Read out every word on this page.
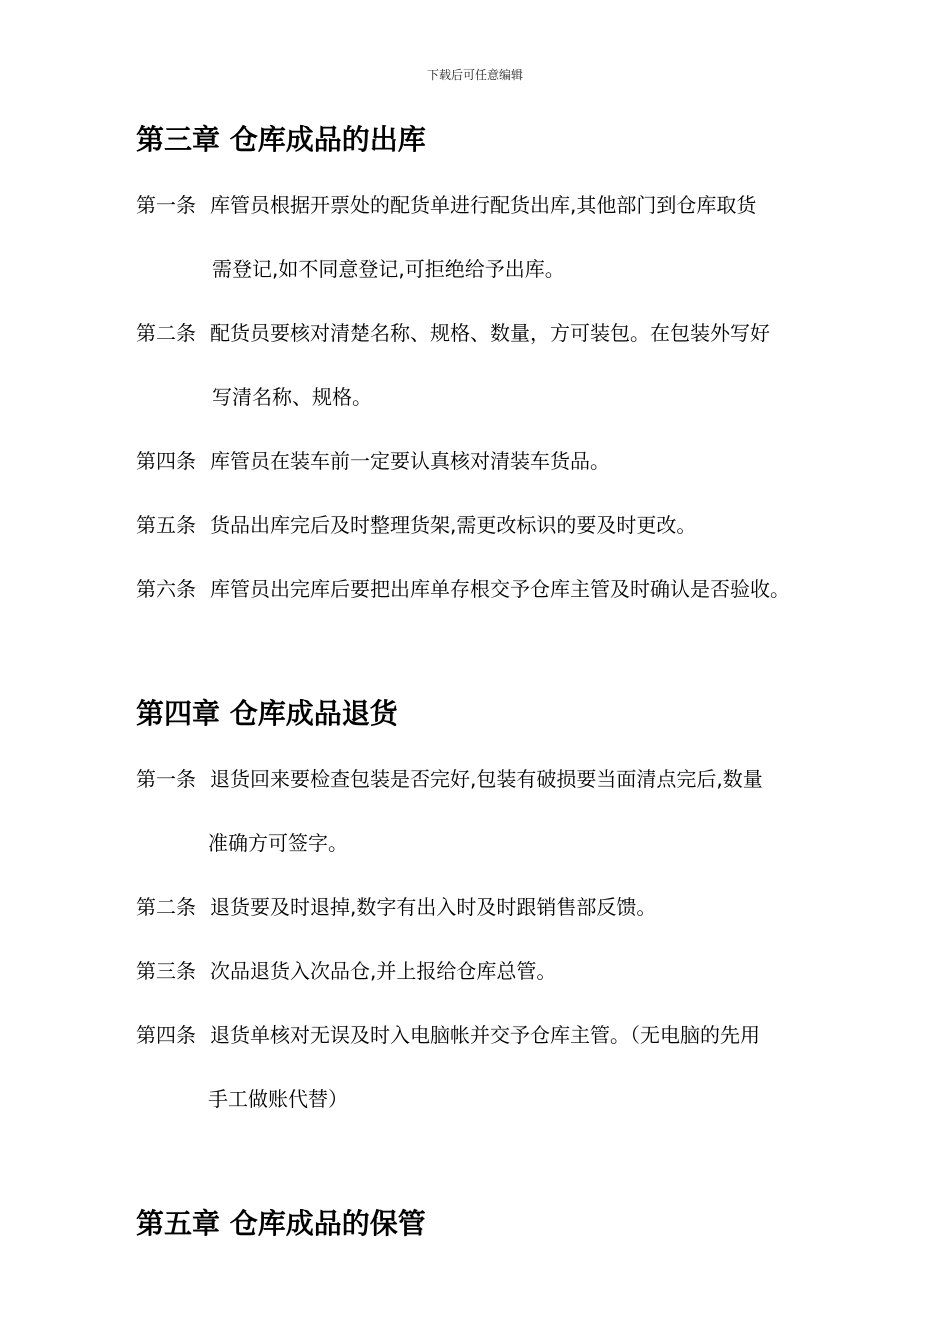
下载后可任意编辑
第三章 仓库成品的出库
第一条 库管员根据开票处的配货单进行配货出库,其他部门到仓库取货
需登记,如不同意登记,可拒绝给予出库。
第二条 配货员要核对清楚名称、规格、数量，方可装包。在包装外写好
写清名称、规格。
第四条 库管员在装车前一定要认真核对清装车货品。
第五条 货品出库完后及时整理货架,需更改标识的要及时更改。
第六条 库管员出完库后要把出库单存根交予仓库主管及时确认是否验收。
第四章 仓库成品退货
第一条 退货回来要检查包装是否完好,包装有破损要当面清点完后,数量
准确方可签字。
第二条 退货要及时退掉,数字有出入时及时跟销售部反馈。
第三条 次品退货入次品仓,并上报给仓库总管。
第四条 退货单核对无误及时入电脑帐并交予仓库主管。（无电脑的先用
手工做账代替）
第五章 仓库成品的保管
